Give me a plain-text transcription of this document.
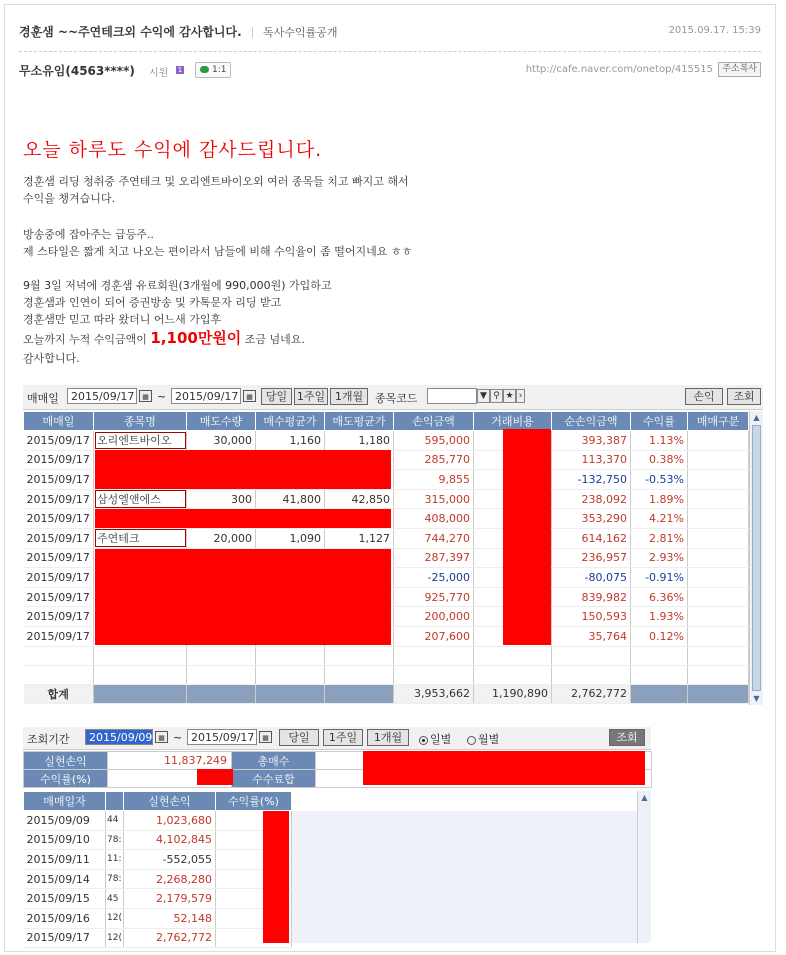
경훈샘 ~~주연테크외 수익에 감사합니다. 독사수익률공개	2015.09.17. 15:39
무소유임(4563****) 시원 1	1:1	http://cafe.naver.com/onetop/415515	주소복사
오늘 하루도 수익에 감사드립니다.
경훈샘 리딩 청취중 주연테크 및 오리엔트바이오외 여러 종목들 치고 빠지고 해서
수익을 챙겨습니다.
방송중에 잡아주는 급등주..
제 스타일은 짧게 치고 나오는 편이라서 남들에 비해 수익율이 좀 떨어지네요 ㅎㅎ
9월 3일 저녁에 경훈샘 유료회원(3개월에 990,000원) 가입하고
경훈샘과 인연이 되어 증권방송 및 카톡문자 리딩 받고
경훈샘만 믿고 따라 왔더니 어느새 가입후
오늘까지 누적 수익금액이 1,100만원이 조금 넘네요.
감사합니다.
매매일	2015/09/17	▦ ~ 2015/09/17	▦	당일 1주일 1개월	종목코드	▼ ⚲ ★ ›	손익	조회
매매일	종목명	매도수량	매수평균가	매도평균가	손익금액	거래비용	순손익금액	수익률	매매구분
2015/09/17	오리엔트바이오	30,000	1,160	1,180	595,000		393,387	1.13%	
2015/09/17					285,770		113,370	0.38%	
2015/09/17					9,855		-132,750	-0.53%	
2015/09/17	삼성엘앤에스	300	41,800	42,850	315,000		238,092	1.89%	
2015/09/17					408,000		353,290	4.21%	
2015/09/17	주연테크	20,000	1,090	1,127	744,270		614,162	2.81%	
2015/09/17					287,397		236,957	2.93%	
2015/09/17					-25,000		-80,075	-0.91%	
2015/09/17					925,770		839,982	6.36%	
2015/09/17					200,000		150,593	1.93%	
2015/09/17					207,600		35,764	0.12%	

합계					3,953,662	1,190,890	2,762,772		
▲
▼
조회기간	2015/09/09 ▦ ~ 2015/09/17	▦	당일	1주일	1개월	일별	월별	조회
실현손익	11,837,249	총매수	
수익률(%)		수수료합	
매매일자		실현손익	수익률(%)
2015/09/09	44	1,023,680	
2015/09/10	78:	4,102,845	
2015/09/11	11:	-552,055	
2015/09/14	78:	2,268,280	
2015/09/15	45	2,179,579	
2015/09/16	12(	52,148	
2015/09/17	12(	2,762,772	
▲
